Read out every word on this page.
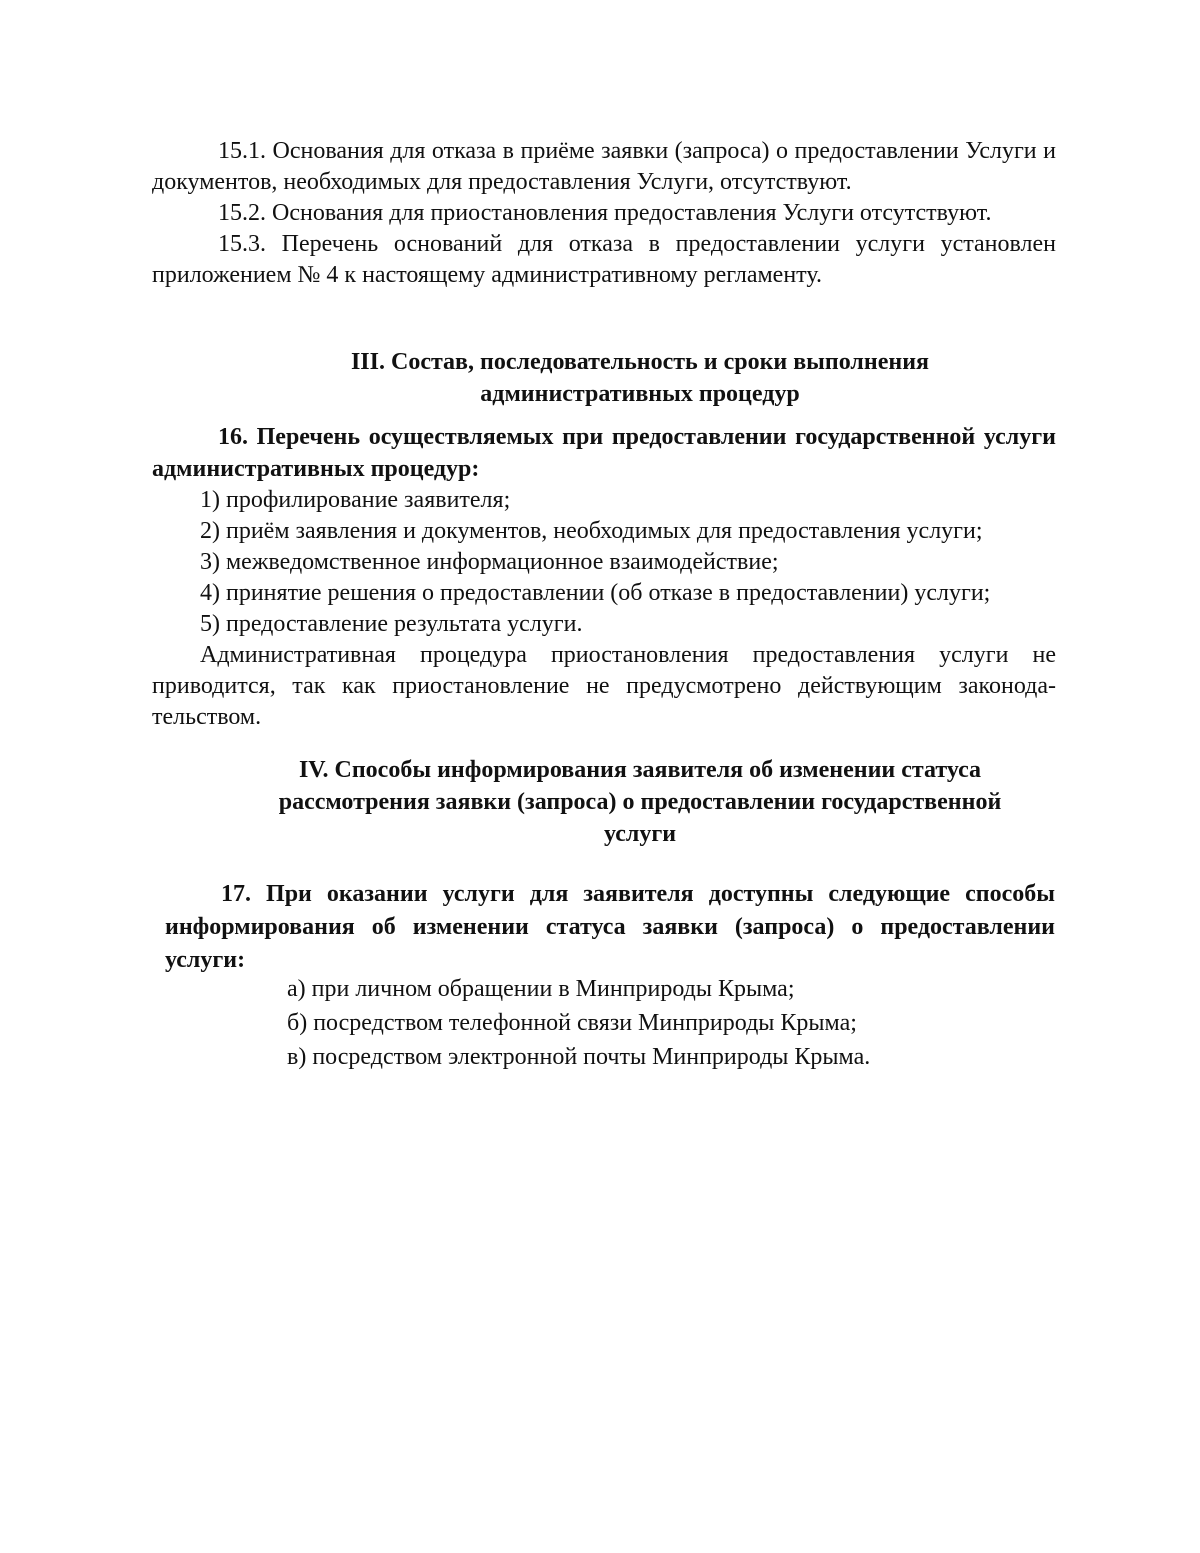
15.1. Основания для отказа в приёме заявки (запроса) о предоставлении Услуги и документов, необходимых для предоставления Услуги, отсутствуют.

15.2. Основания для приостановления предоставления Услуги отсутствуют.

15.3. Перечень оснований для отказа в предоставлении услуги установлен приложением № 4 к настоящему административному регламенту.

III. Состав, последовательность и сроки выполнения
административных процедур

16. Перечень осуществляемых при предоставлении государственной услуги административных процедур:

1) профилирование заявителя;

2) приём заявления и документов, необходимых для предоставления услуги;

3) межведомственное информационное взаимодействие;

4) принятие решения о предоставлении (об отказе в предоставлении) услуги;

5) предоставление результата услуги.

Административная процедура приостановления предоставления услуги не приводится, так как приостановление не предусмотрено действующим законода-тельством.

IV. Способы информирования заявителя об изменении статуса
рассмотрения заявки (запроса) о предоставлении государственной
услуги

17. При оказании услуги для заявителя доступны следующие способы информирования об изменении статуса заявки (запроса) о предоставлении услуги:

а) при личном обращении в Минприроды Крыма;
б) посредством телефонной связи Минприроды Крыма;
в) посредством электронной почты Минприроды Крыма.
